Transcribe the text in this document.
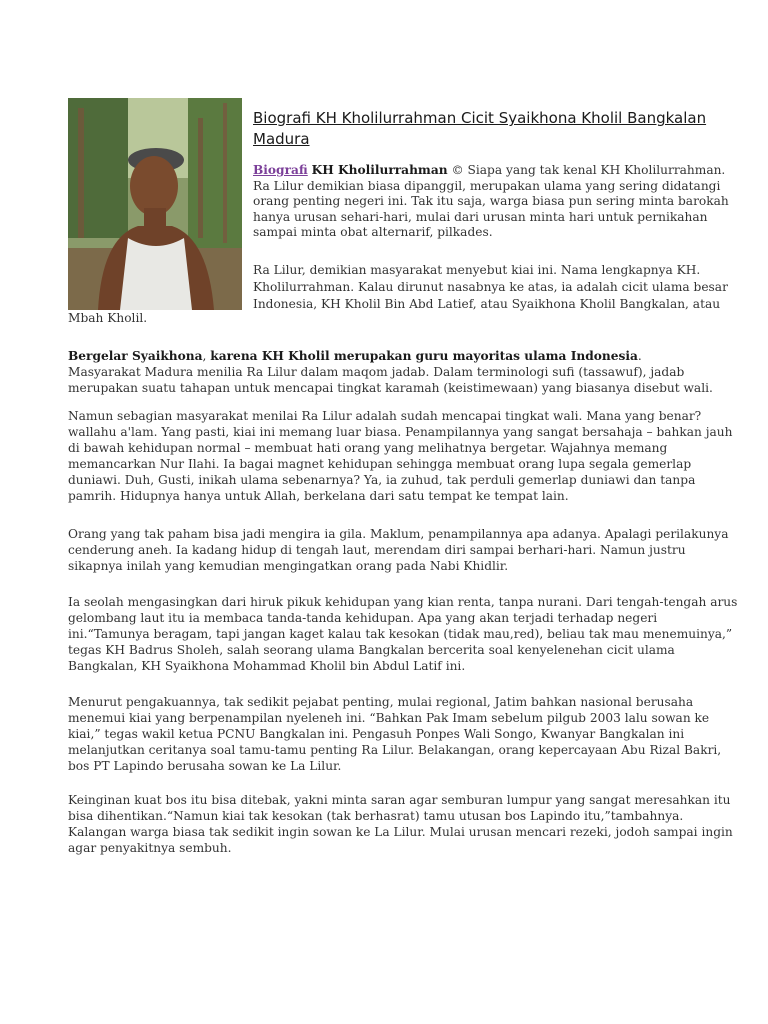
Biografi KH Kholilurrahman Cicit Syaikhona Kholil Bangkalan Madura

Biografi KH Kholilurrahman © Siapa yang tak kenal KH Kholilurrahman. Ra Lilur demikian biasa dipanggil, merupakan ulama yang sering didatangi orang penting negeri ini. Tak itu saja, warga biasa pun sering minta barokah hanya urusan sehari-hari, mulai dari urusan minta hari untuk pernikahan sampai minta obat alternarif, pilkades.

Ra Lilur, demikian masyarakat menyebut kiai ini. Nama lengkapnya KH. Kholilurrahman. Kalau dirunut nasabnya ke atas, ia adalah cicit ulama besar Indonesia, KH Kholil Bin Abd Latief, atau Syaikhona Kholil Bangkalan, atau

Mbah Kholil.

Bergelar Syaikhona, karena KH Kholil merupakan guru mayoritas ulama Indonesia.
Masyarakat Madura menilia Ra Lilur dalam maqom jadab. Dalam terminologi sufi (tassawuf), jadab merupakan suatu tahapan untuk mencapai tingkat karamah (keistimewaan) yang biasanya disebut wali.

Namun sebagian masyarakat menilai Ra Lilur adalah sudah mencapai tingkat wali. Mana yang benar? wallahu a'lam. Yang pasti, kiai ini memang luar biasa. Penampilannya yang sangat bersahaja – bahkan jauh di bawah kehidupan normal – membuat hati orang yang melihatnya bergetar. Wajahnya memang memancarkan Nur Ilahi. Ia bagai magnet kehidupan sehingga membuat orang lupa segala gemerlap duniawi. Duh, Gusti, inikah ulama sebenarnya? Ya, ia zuhud, tak perduli gemerlap duniawi dan tanpa pamrih. Hidupnya hanya untuk Allah, berkelana dari satu tempat ke tempat lain.

Orang yang tak paham bisa jadi mengira ia gila. Maklum, penampilannya apa adanya. Apalagi perilakunya cenderung aneh. Ia kadang hidup di tengah laut, merendam diri sampai berhari-hari. Namun justru sikapnya inilah yang kemudian mengingatkan orang pada Nabi Khidlir.

Ia seolah mengasingkan dari hiruk pikuk kehidupan yang kian renta, tanpa nurani. Dari tengah-tengah arus gelombang laut itu ia membaca tanda-tanda kehidupan. Apa yang akan terjadi terhadap negeri ini.“Tamunya beragam, tapi jangan kaget kalau tak kesokan (tidak mau,red), beliau tak mau menemuinya,” tegas KH Badrus Sholeh, salah seorang ulama Bangkalan bercerita soal kenyelenehan cicit ulama Bangkalan, KH Syaikhona Mohammad Kholil bin Abdul Latif ini.

Menurut pengakuannya, tak sedikit pejabat penting, mulai regional, Jatim bahkan nasional berusaha menemui kiai yang berpenampilan nyeleneh ini. “Bahkan Pak Imam sebelum pilgub 2003 lalu sowan ke kiai,” tegas wakil ketua PCNU Bangkalan ini. Pengasuh Ponpes Wali Songo, Kwanyar Bangkalan ini melanjutkan ceritanya soal tamu-tamu penting Ra Lilur. Belakangan, orang kepercayaan Abu Rizal Bakri, bos PT Lapindo berusaha sowan ke La Lilur.

Keinginan kuat bos itu bisa ditebak, yakni minta saran agar semburan lumpur yang sangat meresahkan itu bisa dihentikan.“Namun kiai tak kesokan (tak berhasrat) tamu utusan bos Lapindo itu,”tambahnya. Kalangan warga biasa tak sedikit ingin sowan ke La Lilur. Mulai urusan mencari rezeki, jodoh sampai ingin agar penyakitnya sembuh.
